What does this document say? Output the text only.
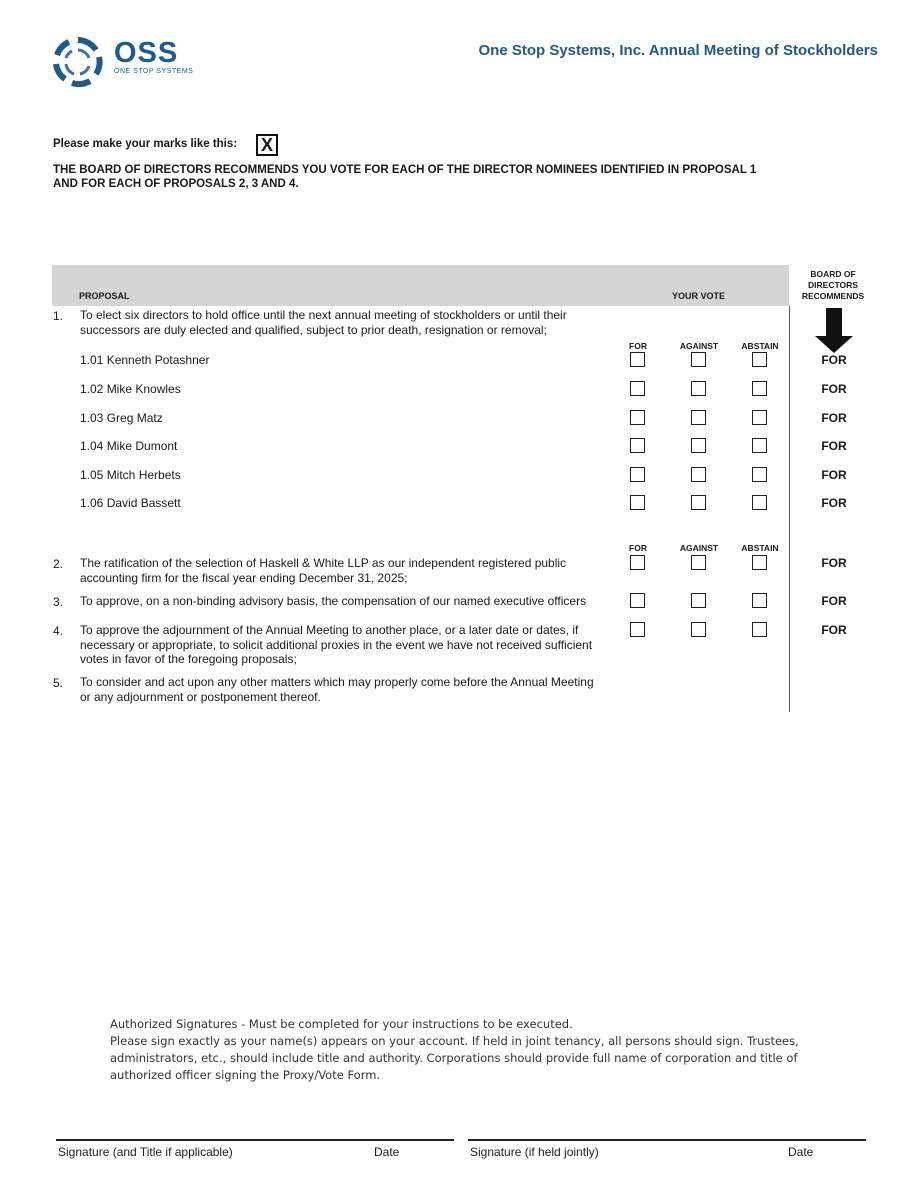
OSS
ONE STOP SYSTEMS
One Stop Systems, Inc. Annual Meeting of Stockholders
Please make your marks like this: X
THE BOARD OF DIRECTORS RECOMMENDS YOU VOTE FOR EACH OF THE DIRECTOR NOMINEES IDENTIFIED IN PROPOSAL 1
AND FOR EACH OF PROPOSALS 2, 3 AND 4.
PROPOSAL	YOUR VOTE
BOARD OF
DIRECTORS
RECOMMENDS
1. To elect six directors to hold office until the next annual meeting of stockholders or until their
successors are duly elected and qualified, subject to prior death, resignation or removal;
FOR	AGAINST	ABSTAIN
1.01 Kenneth Potashner	FOR
1.02 Mike Knowles	FOR
1.03 Greg Matz	FOR
1.04 Mike Dumont	FOR
1.05 Mitch Herbets	FOR
1.06 David Bassett	FOR
FOR	AGAINST	ABSTAIN
2. The ratification of the selection of Haskell & White LLP as our independent registered public
accounting firm for the fiscal year ending December 31, 2025;
FOR
3. To approve, on a non-binding advisory basis, the compensation of our named executive officers	FOR
4. To approve the adjournment of the Annual Meeting to another place, or a later date or dates, if
necessary or appropriate, to solicit additional proxies in the event we have not received sufficient
votes in favor of the foregoing proposals;
FOR
5. To consider and act upon any other matters which may properly come before the Annual Meeting
or any adjournment or postponement thereof.
Authorized Signatures - Must be completed for your instructions to be executed.
Please sign exactly as your name(s) appears on your account. If held in joint tenancy, all persons should sign. Trustees,
administrators, etc., should include title and authority. Corporations should provide full name of corporation and title of
authorized officer signing the Proxy/Vote Form.
Signature (and Title if applicable)	Date	Signature (if held jointly)	Date
